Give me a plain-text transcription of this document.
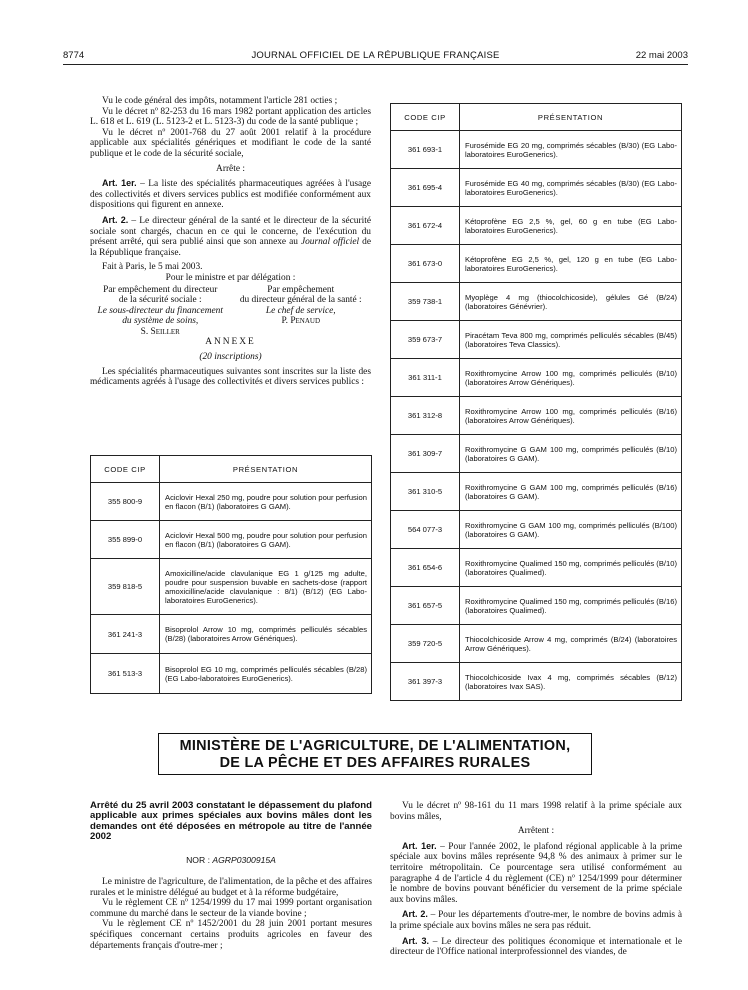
8774	JOURNAL OFFICIEL DE LA RÉPUBLIQUE FRANÇAISE	22 mai 2003

Vu le code général des impôts, notamment l'article 281 octies ;

Vu le décret nº 82-253 du 16 mars 1982 portant application des articles L. 618 et L. 619 (L. 5123-2 et L. 5123-3) du code de la santé publique ;

Vu le décret nº 2001-768 du 27 août 2001 relatif à la procédure applicable aux spécialités génériques et modifiant le code de la santé publique et le code de la sécurité sociale,

Arrête :

Art. 1er. – La liste des spécialités pharmaceutiques agréées à l'usage des collectivités et divers services publics est modifiée conformément aux dispositions qui figurent en annexe.

Art. 2. – Le directeur général de la santé et le directeur de la sécurité sociale sont chargés, chacun en ce qui le concerne, de l'exécution du présent arrêté, qui sera publié ainsi que son annexe au Journal officiel de la République française.

Fait à Paris, le 5 mai 2003.

Pour le ministre et par délégation :

Par empêchement du directeur
de la sécurité sociale :
Le sous-directeur du financement
du système de soins,
S. Seiller
Par empêchement
du directeur général de la santé :
Le chef de service,
P. Penaud

ANNEXE

(20 inscriptions)

Les spécialités pharmaceutiques suivantes sont inscrites sur la liste des médicaments agréés à l'usage des collectivités et divers services publics :

CODE CIP	PRÉSENTATION
355 800-9	Aciclovir Hexal 250 mg, poudre pour solution pour perfusion en flacon (B/1) (laboratoires G GAM).
355 899-0	Aciclovir Hexal 500 mg, poudre pour solution pour perfusion en flacon (B/1) (laboratoires G GAM).
359 818-5	Amoxicilline/acide clavulanique EG 1 g/125 mg adulte, poudre pour suspension buvable en sachets-dose (rapport amoxicilline/acide clavulanique : 8/1) (B/12) (EG Labo-laboratoires EuroGenerics).
361 241-3	Bisoprolol Arrow 10 mg, comprimés pelliculés sécables (B/28) (laboratoires Arrow Génériques).
361 513-3	Bisoprolol EG 10 mg, comprimés pelliculés sécables (B/28) (EG Labo-laboratoires EuroGenerics).
CODE CIP	PRÉSENTATION
361 693-1	Furosémide EG 20 mg, comprimés sécables (B/30) (EG Labo-laboratoires EuroGenerics).
361 695-4	Furosémide EG 40 mg, comprimés sécables (B/30) (EG Labo-laboratoires EuroGenerics).
361 672-4	Kétoprofène EG 2,5 %, gel, 60 g en tube (EG Labo-laboratoires EuroGenerics).
361 673-0	Kétoprofène EG 2,5 %, gel, 120 g en tube (EG Labo-laboratoires EuroGenerics).
359 738-1	Myoplège 4 mg (thiocolchicoside), gélules Gé (B/24) (laboratoires Génévrier).
359 673-7	Piracétam Teva 800 mg, comprimés pelliculés sécables (B/45) (laboratoires Teva Classics).
361 311-1	Roxithromycine Arrow 100 mg, comprimés pelliculés (B/10) (laboratoires Arrow Génériques).
361 312-8	Roxithromycine Arrow 100 mg, comprimés pelliculés (B/16) (laboratoires Arrow Génériques).
361 309-7	Roxithromycine G GAM 100 mg, comprimés pelliculés (B/10) (laboratoires G GAM).
361 310-5	Roxithromycine G GAM 100 mg, comprimés pelliculés (B/16) (laboratoires G GAM).
564 077-3	Roxithromycine G GAM 100 mg, comprimés pelliculés (B/100) (laboratoires G GAM).
361 654-6	Roxithromycine Qualimed 150 mg, comprimés pelliculés (B/10) (laboratoires Qualimed).
361 657-5	Roxithromycine Qualimed 150 mg, comprimés pelliculés (B/16) (laboratoires Qualimed).
359 720-5	Thiocolchicoside Arrow 4 mg, comprimés (B/24) (laboratoires Arrow Génériques).
361 397-3	Thiocolchicoside Ivax 4 mg, comprimés sécables (B/12) (laboratoires Ivax SAS).
MINISTÈRE DE L'AGRICULTURE, DE L'ALIMENTATION,
DE LA PÊCHE ET DES AFFAIRES RURALES
Arrêté du 25 avril 2003 constatant le dépassement du plafond applicable aux primes spéciales aux bovins mâles dont les demandes ont été déposées en métropole au titre de l'année 2002
NOR : AGRP0300915A

Le ministre de l'agriculture, de l'alimentation, de la pêche et des affaires rurales et le ministre délégué au budget et à la réforme budgétaire,

Vu le règlement CE nº 1254/1999 du 17 mai 1999 portant organisation commune du marché dans le secteur de la viande bovine ;

Vu le règlement CE nº 1452/2001 du 28 juin 2001 portant mesures spécifiques concernant certains produits agricoles en faveur des départements français d'outre-mer ;

Vu le décret nº 98-161 du 11 mars 1998 relatif à la prime spéciale aux bovins mâles,

Arrêtent :

Art. 1er. – Pour l'année 2002, le plafond régional applicable à la prime spéciale aux bovins mâles représente 94,8 % des animaux à primer sur le territoire métropolitain. Ce pourcentage sera utilisé conformément au paragraphe 4 de l'article 4 du règlement (CE) nº 1254/1999 pour déterminer le nombre de bovins pouvant bénéficier du versement de la prime spéciale aux bovins mâles.

Art. 2. – Pour les départements d'outre-mer, le nombre de bovins admis à la prime spéciale aux bovins mâles ne sera pas réduit.

Art. 3. – Le directeur des politiques économique et internationale et le directeur de l'Office national interprofessionnel des viandes, de
